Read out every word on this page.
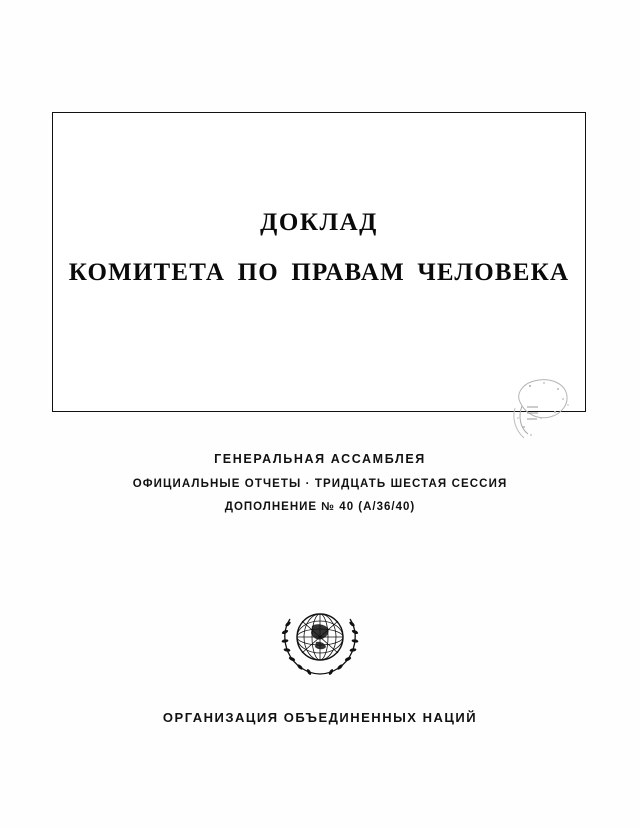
ДОКЛАД
КОМИТЕТА ПО ПРАВАМ ЧЕЛОВЕКА
ГЕНЕРАЛЬНАЯ АССАМБЛЕЯ
ОФИЦИАЛЬНЫЕ ОТЧЕТЫ · ТРИДЦАТЬ ШЕСТАЯ СЕССИЯ
ДОПОЛНЕНИЕ № 40 (A/36/40)
ОРГАНИЗАЦИЯ ОБЪЕДИНЕННЫХ НАЦИЙ
